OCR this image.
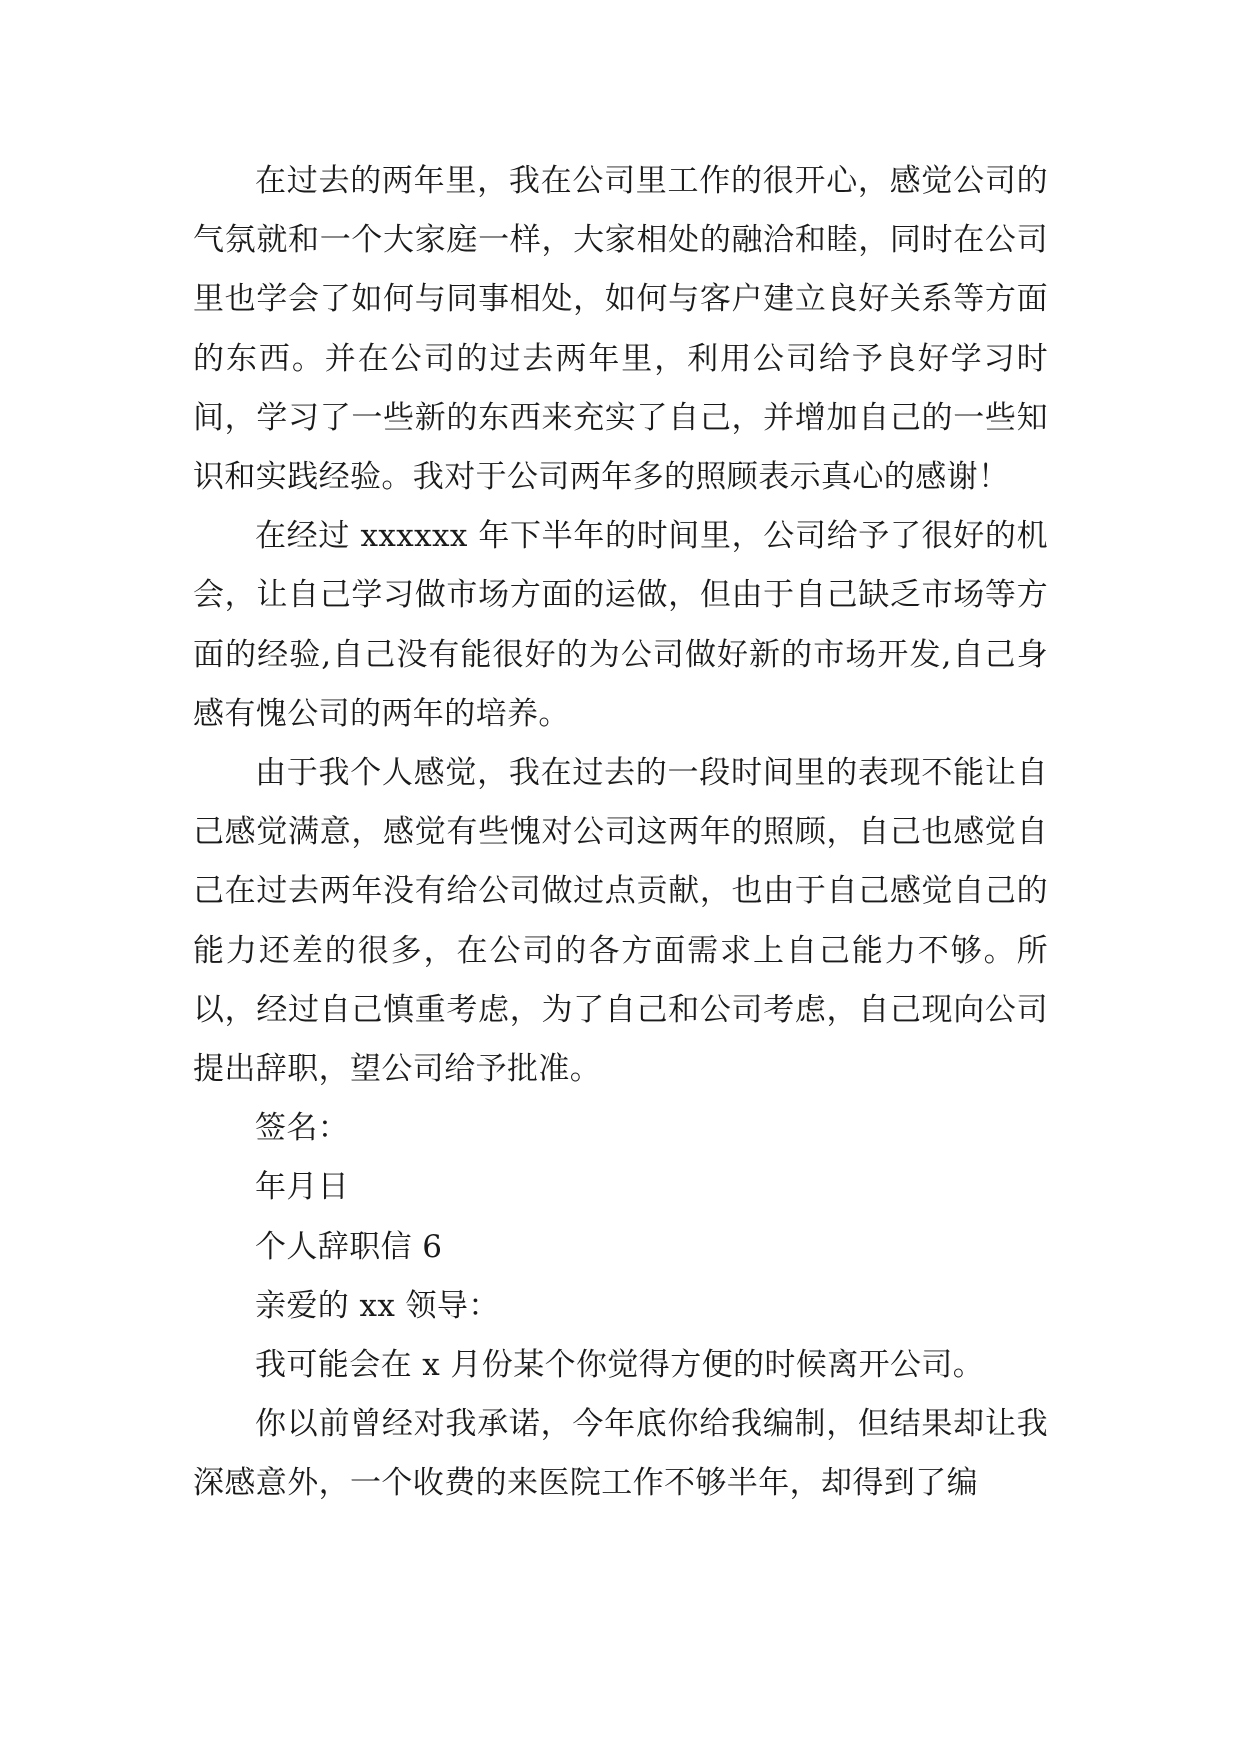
在过去的两年里，我在公司里工作的很开心，感觉公司的气氛就和一个大家庭一样，大家相处的融洽和睦，同时在公司里也学会了如何与同事相处，如何与客户建立良好关系等方面的东西。并在公司的过去两年里，利用公司给予良好学习时间，学习了一些新的东西来充实了自己，并增加自己的一些知识和实践经验。我对于公司两年多的照顾表示真心的感谢！

在经过 xxxxxx 年下半年的时间里，公司给予了很好的机会，让自己学习做市场方面的运做，但由于自己缺乏市场等方面的经验,自己没有能很好的为公司做好新的市场开发,自己身感有愧公司的两年的培养。

由于我个人感觉，我在过去的一段时间里的表现不能让自己感觉满意，感觉有些愧对公司这两年的照顾，自己也感觉自己在过去两年没有给公司做过点贡献，也由于自己感觉自己的能力还差的很多，在公司的各方面需求上自己能力不够。所以，经过自己慎重考虑，为了自己和公司考虑，自己现向公司提出辞职，望公司给予批准。

签名：

年月日

个人辞职信 6

亲爱的 xx 领导：

我可能会在 x 月份某个你觉得方便的时候离开公司。

你以前曾经对我承诺，今年底你给我编制，但结果却让我深感意外，一个收费的来医院工作不够半年，却得到了编
